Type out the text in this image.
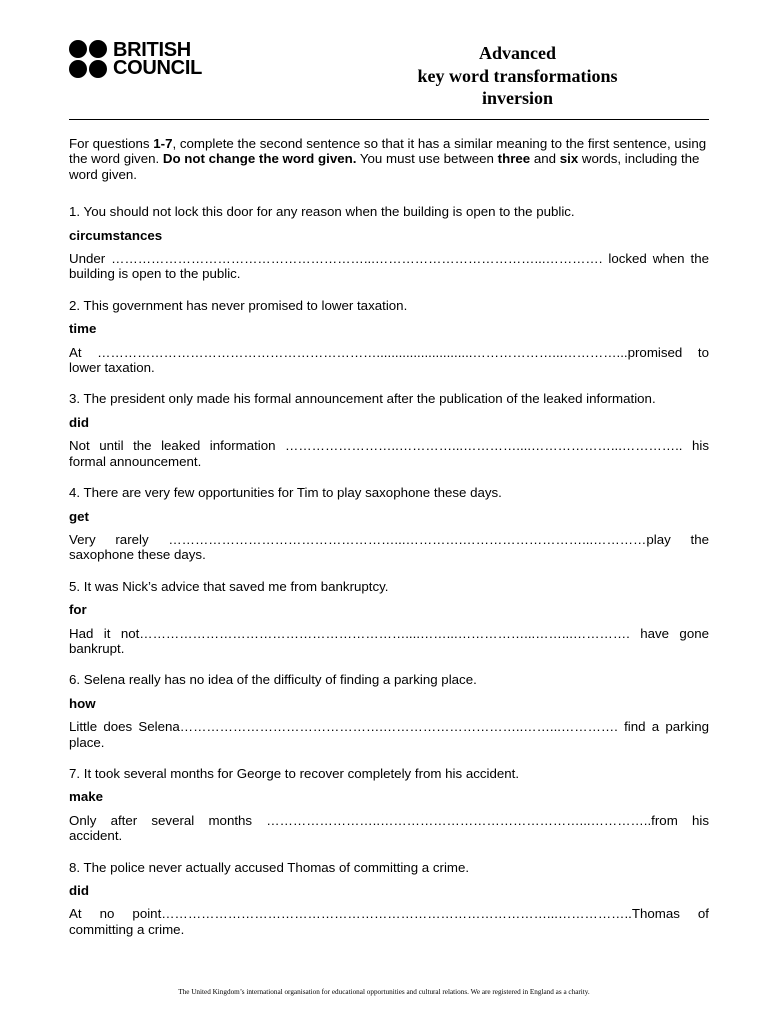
BRITISH
COUNCIL
Advanced
key word transformations
inversion

For questions 1-7, complete the second sentence so that it has a similar meaning to the first sentence, using the word given. Do not change the word given. You must use between three and six words, including the word given.

1. You should not lock this door for any reason when the building is open to the public.
circumstances
Under …………………………………………………...………………………………...…………. locked when the building is open to the public.
2. This government has never promised to lower taxation.
time
At ………………………………………………………..........................………………...…………...promised to lower taxation.
3. The president only made his formal announcement after the publication of the leaked information.
did
Not until the leaked information ……………………..…………...…………....………………...………….. his formal announcement.
4. There are very few opportunities for Tim to play saxophone these days.
get
Very rarely ……………………………………………...………….………………………...…………play the saxophone these days.
5. It was Nick’s advice that saved me from bankruptcy.
for
Had it not……………………………………………………....……...……………...……...…………. have gone bankrupt.
6. Selena really has no idea of the difficulty of finding a parking place.
how
Little does Selena……………………………………….…………………………..……...…………. find a parking place.
7. It took several months for George to recover completely from his accident.
make
Only after several months ……………………..………………………………………...…………..from his accident.
8. The police never actually accused Thomas of committing a crime.
did
At no point……………………………………………………………………………...……………..Thomas of committing a crime.
The United Kingdom’s international organisation for educational opportunities and cultural relations. We are registered in England as a charity.
